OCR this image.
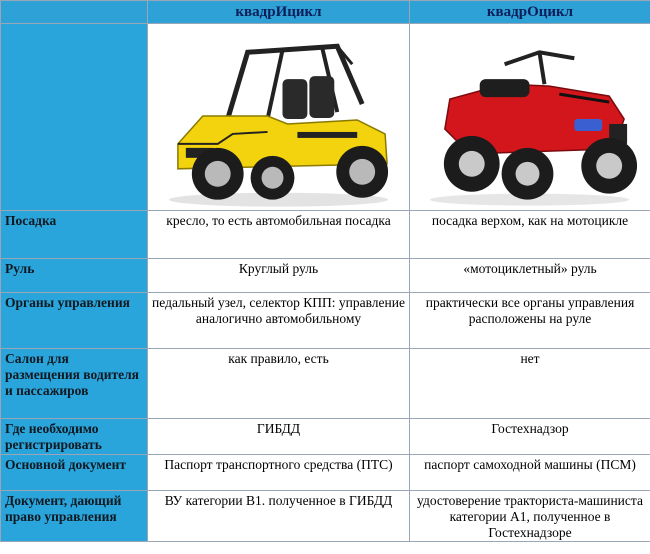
	квадрИцикл	квадрОцикл

Посадка	кресло, то есть автомобильная посадка	посадка верхом, как на мотоцикле
Руль	Круглый руль	«мотоциклетный» руль
Органы управления	педальный узел, селектор КПП: управление аналогично автомобильному	практически все органы управления расположены на руле
Салон для размещения водителя и пассажиров	как правило, есть	нет
Где необходимо регистрировать	ГИБДД	Гостехнадзор
Основной документ	Паспорт транспортного средства (ПТС)	паспорт самоходной машины (ПСМ)
Документ, дающий право управления	ВУ категории В1. полученное в ГИБДД	удостоверение тракториста-машиниста категории А1, полученное в Гостехнадзоре
